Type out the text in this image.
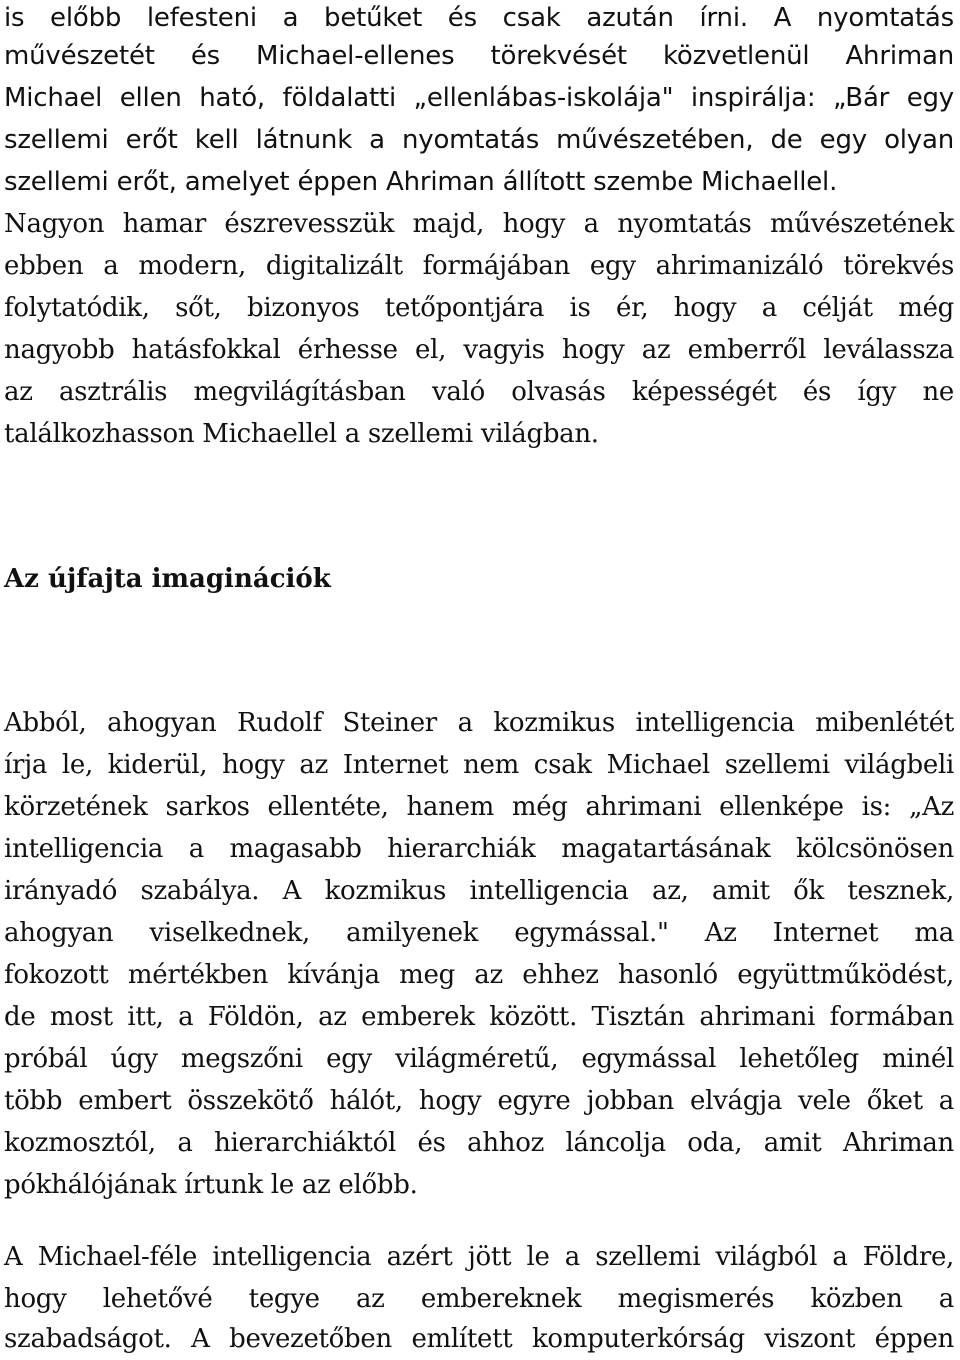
is előbb lefesteni a betűket és csak azután írni. A nyomtatás
művészetét és Michael-ellenes törekvését közvetlenül Ahriman
Michael ellen ható, földalatti „ellenlábas-iskolája" inspirálja: „Bár egy
szellemi erőt kell látnunk a nyomtatás művészetében, de egy olyan
szellemi erőt, amelyet éppen Ahriman állított szembe Michaellel.
Nagyon hamar észrevesszük majd, hogy a nyomtatás művészetének
ebben a modern, digitalizált formájában egy ahrimanizáló törekvés
folytatódik, sőt, bizonyos tetőpontjára is ér, hogy a célját még
nagyobb hatásfokkal érhesse el, vagyis hogy az emberről leválassza
az asztrális megvilágításban való olvasás képességét és így ne
találkozhasson Michaellel a szellemi világban.
Az újfajta imaginációk
Abból, ahogyan Rudolf Steiner a kozmikus intelligencia mibenlétét
írja le, kiderül, hogy az Internet nem csak Michael szellemi világbeli
körzetének sarkos ellentéte, hanem még ahrimani ellenképe is: „Az
intelligencia a magasabb hierarchiák magatartásának kölcsönösen
irányadó szabálya. A kozmikus intelligencia az, amit ők tesznek,
ahogyan viselkednek, amilyenek egymással." Az Internet ma
fokozott mértékben kívánja meg az ehhez hasonló együttműködést,
de most itt, a Földön, az emberek között. Tisztán ahrimani formában
próbál úgy megszőni egy világméretű, egymással lehetőleg minél
több embert összekötő hálót, hogy egyre jobban elvágja vele őket a
kozmosztól, a hierarchiáktól és ahhoz láncolja oda, amit Ahriman
pókhálójának írtunk le az előbb.
A Michael-féle intelligencia azért jött le a szellemi világból a Földre,
hogy lehetővé tegye az embereknek megismerés közben a
szabadságot. A bevezetőben említett komputerkórság viszont éppen
